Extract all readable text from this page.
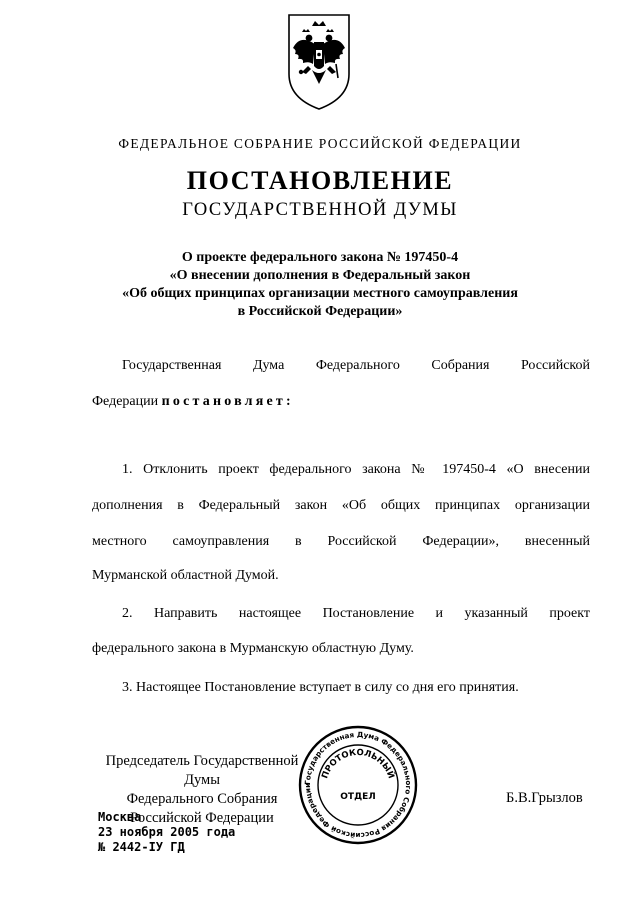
ФЕДЕРАЛЬНОЕ СОБРАНИЕ РОССИЙСКОЙ ФЕДЕРАЦИИ
ПОСТАНОВЛЕНИЕ
ГОСУДАРСТВЕННОЙ ДУМЫ
О проекте федерального закона № 197450-4
«О внесении дополнения в Федеральный закон
«Об общих принципах организации местного самоуправления
в Российской Федерации»
Государственная Дума Федерального Собрания Российской
Федерации постановляет:
1. Отклонить проект федерального закона № 197450-4 «О внесении
дополнения в Федеральный закон «Об общих принципах организации
местного самоуправления в Российской Федерации», внесенный
Мурманской областной Думой.
2. Направить настоящее Постановление и указанный проект
федерального закона в Мурманскую областную Думу.
3. Настоящее Постановление вступает в силу со дня его принятия.
Председатель Государственной Думы
Федерального Собрания
Российской Федерации
Б.В.Грызлов
Государственная Дума Федерального Собрания Российской Федерации
ПРОТОКОЛЬНЫЙ
ОТДЕЛ
Москва
23 ноября 2005 года
№ 2442-IУ ГД
